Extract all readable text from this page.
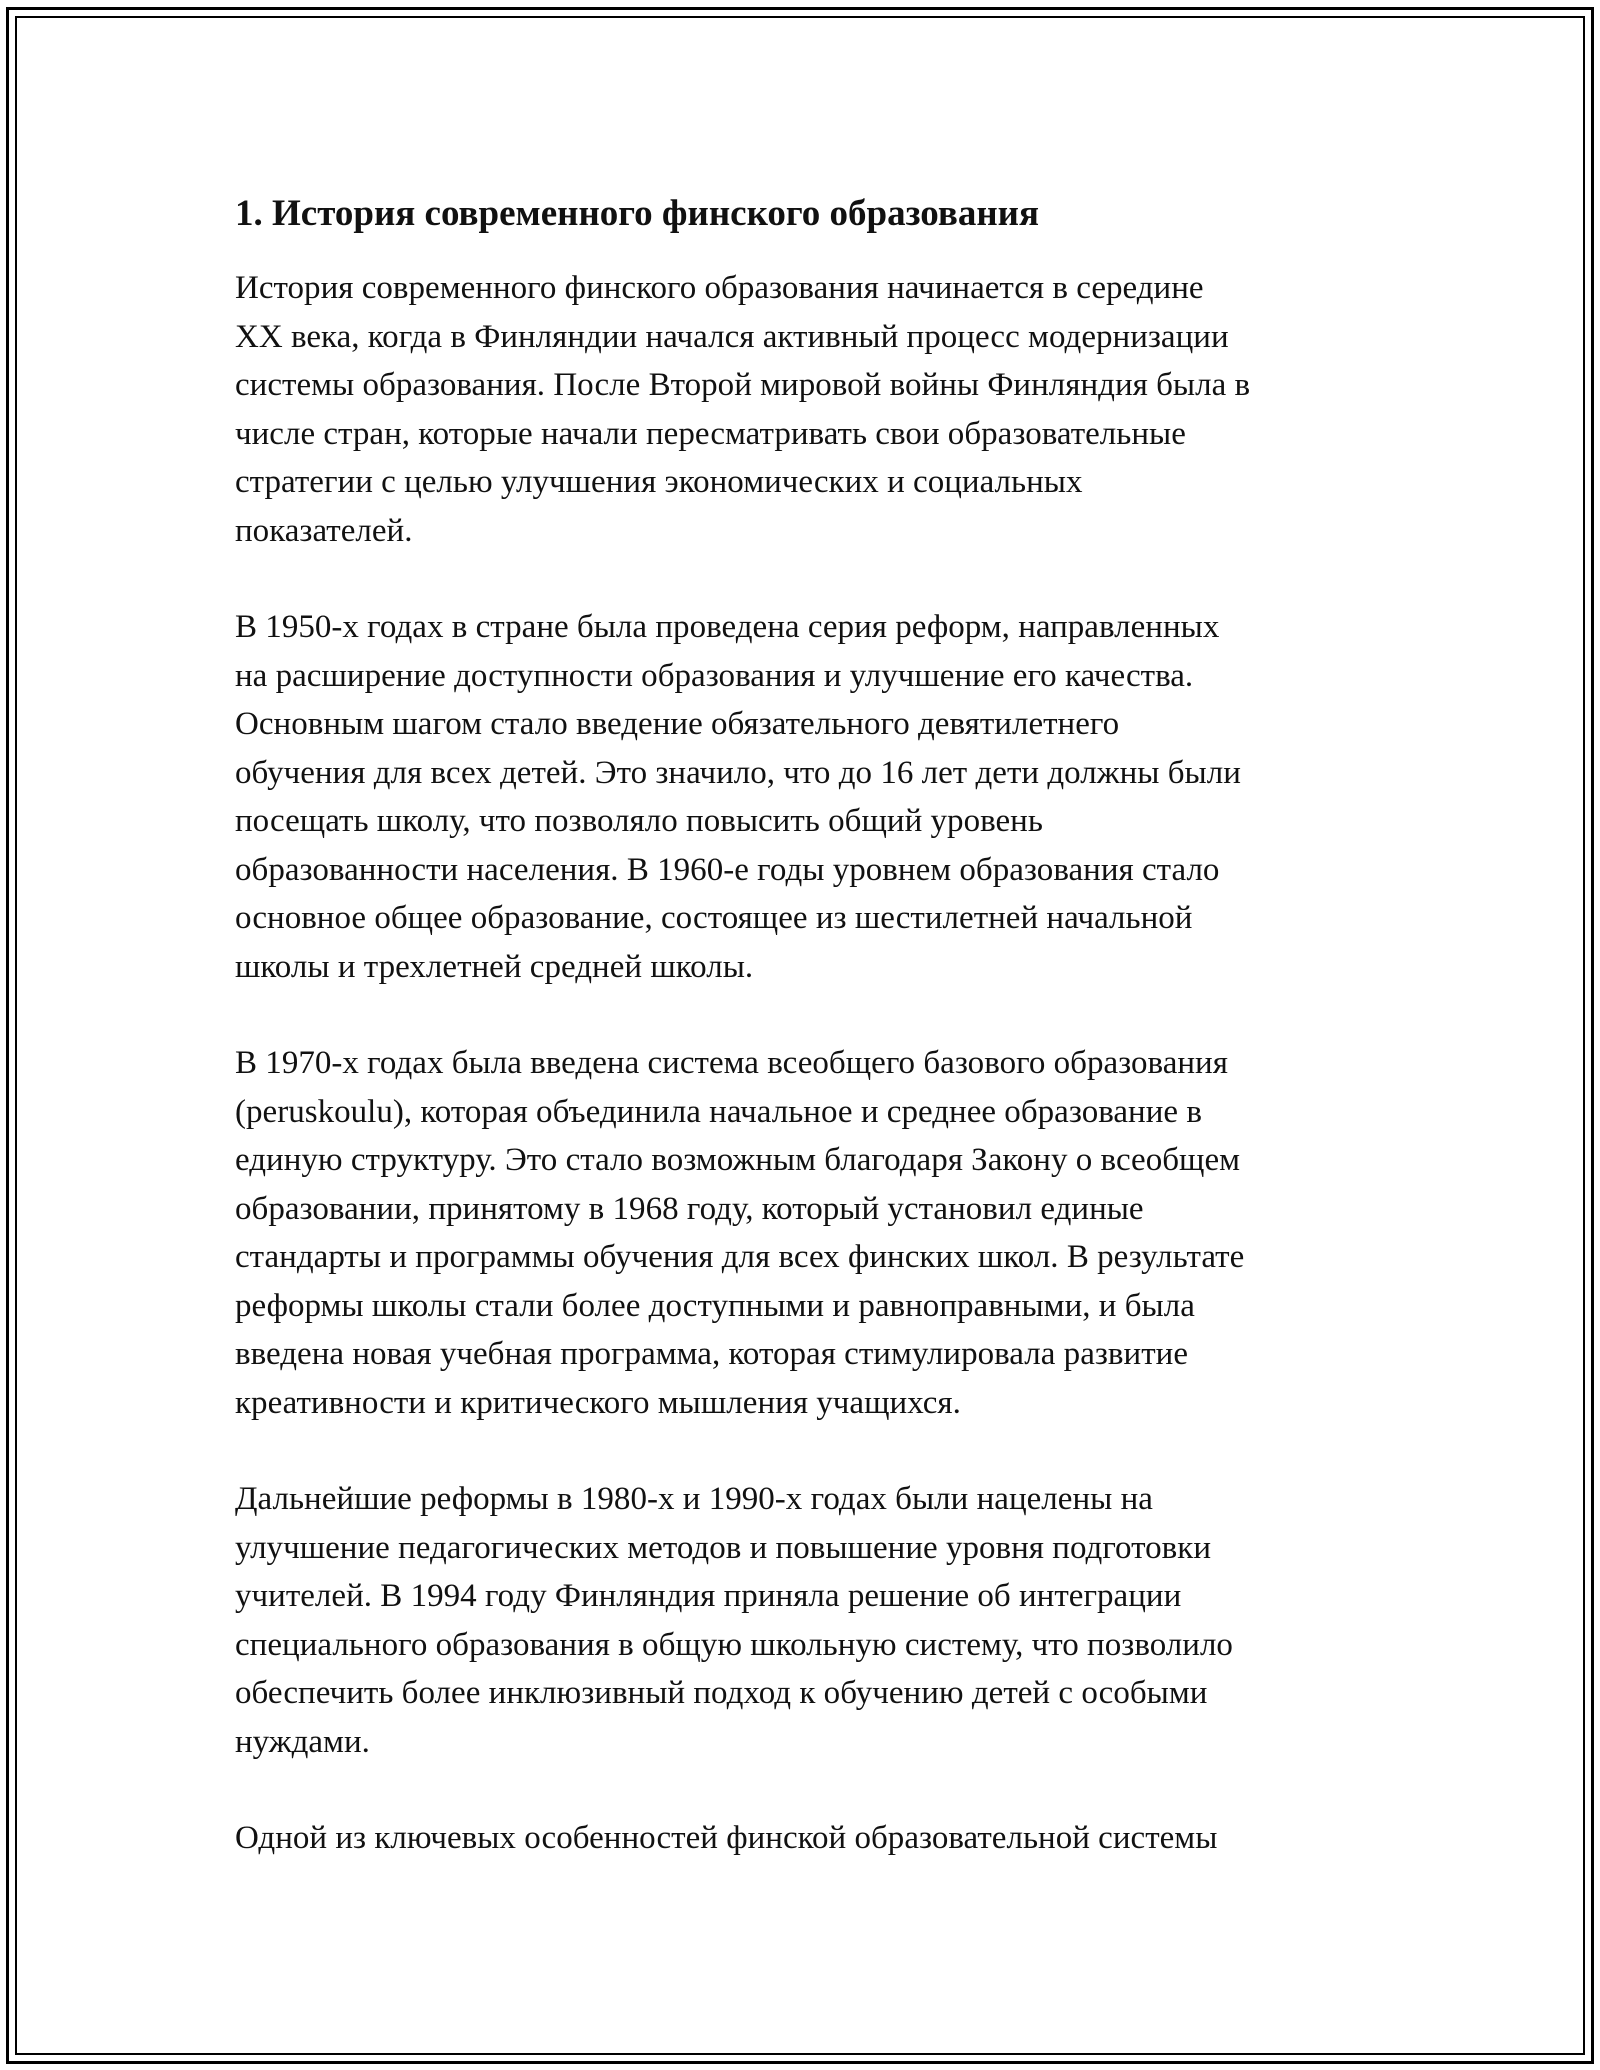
1. История современного финского образования

История современного финского образования начинается в середине
XX века, когда в Финляндии начался активный процесс модернизации
системы образования. После Второй мировой войны Финляндия была в
числе стран, которые начали пересматривать свои образовательные
стратегии с целью улучшения экономических и социальных
показателей.

В 1950-х годах в стране была проведена серия реформ, направленных
на расширение доступности образования и улучшение его качества.
Основным шагом стало введение обязательного девятилетнего
обучения для всех детей. Это значило, что до 16 лет дети должны были
посещать школу, что позволяло повысить общий уровень
образованности населения. В 1960-е годы уровнем образования стало
основное общее образование, состоящее из шестилетней начальной
школы и трехлетней средней школы.

В 1970-х годах была введена система всеобщего базового образования
(peruskoulu), которая объединила начальное и среднее образование в
единую структуру. Это стало возможным благодаря Закону о всеобщем
образовании, принятому в 1968 году, который установил единые
стандарты и программы обучения для всех финских школ. В результате
реформы школы стали более доступными и равноправными, и была
введена новая учебная программа, которая стимулировала развитие
креативности и критического мышления учащихся.

Дальнейшие реформы в 1980-х и 1990-х годах были нацелены на
улучшение педагогических методов и повышение уровня подготовки
учителей. В 1994 году Финляндия приняла решение об интеграции
специального образования в общую школьную систему, что позволило
обеспечить более инклюзивный подход к обучению детей с особыми
нуждами.

Одной из ключевых особенностей финской образовательной системы
